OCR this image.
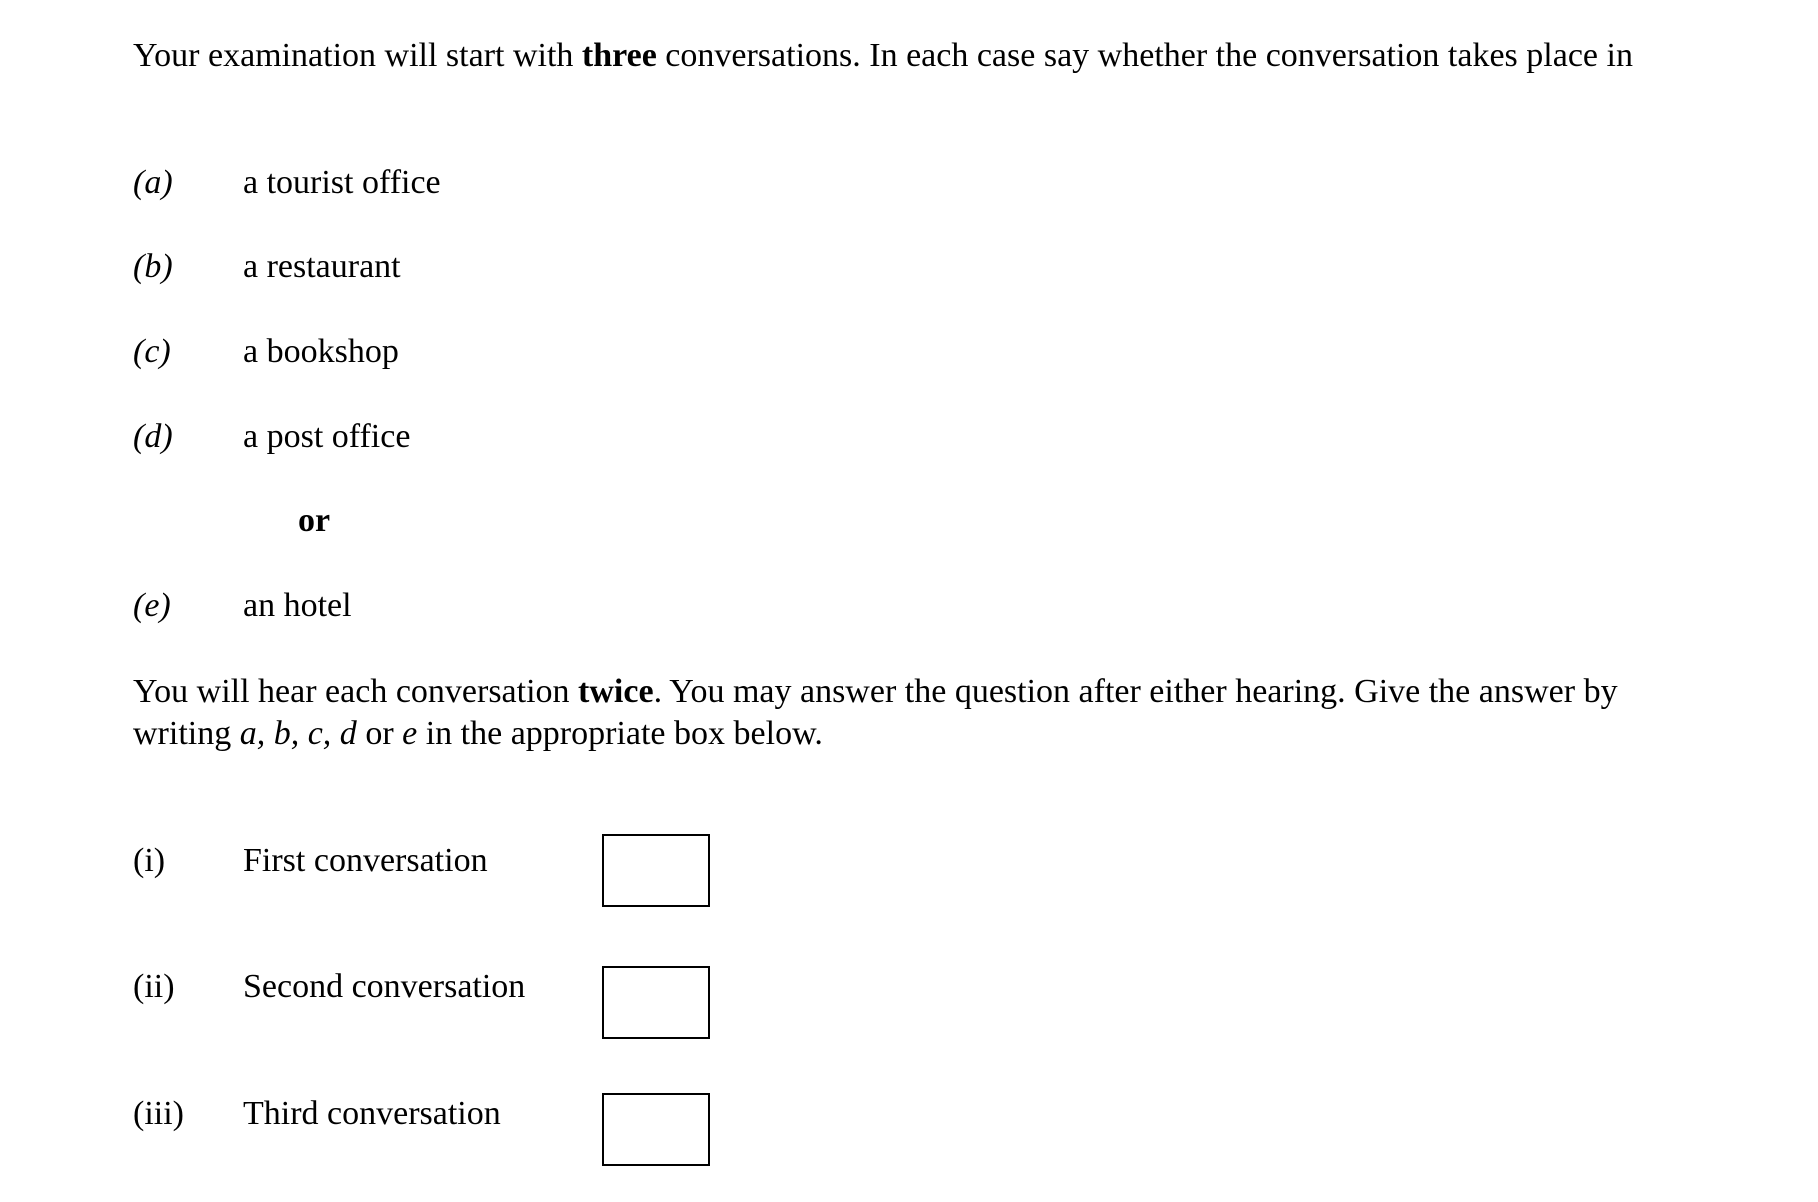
Your examination will start with three conversations. In each case say whether the conversation takes place in

(a) a tourist office
(b) a restaurant
(c) a bookshop
(d) a post office
or
(e) an hotel

You will hear each conversation twice. You may answer the question after either hearing. Give the answer by writing a, b, c, d or e in the appropriate box below.

(i) First conversation
(ii) Second conversation
(iii) Third conversation
